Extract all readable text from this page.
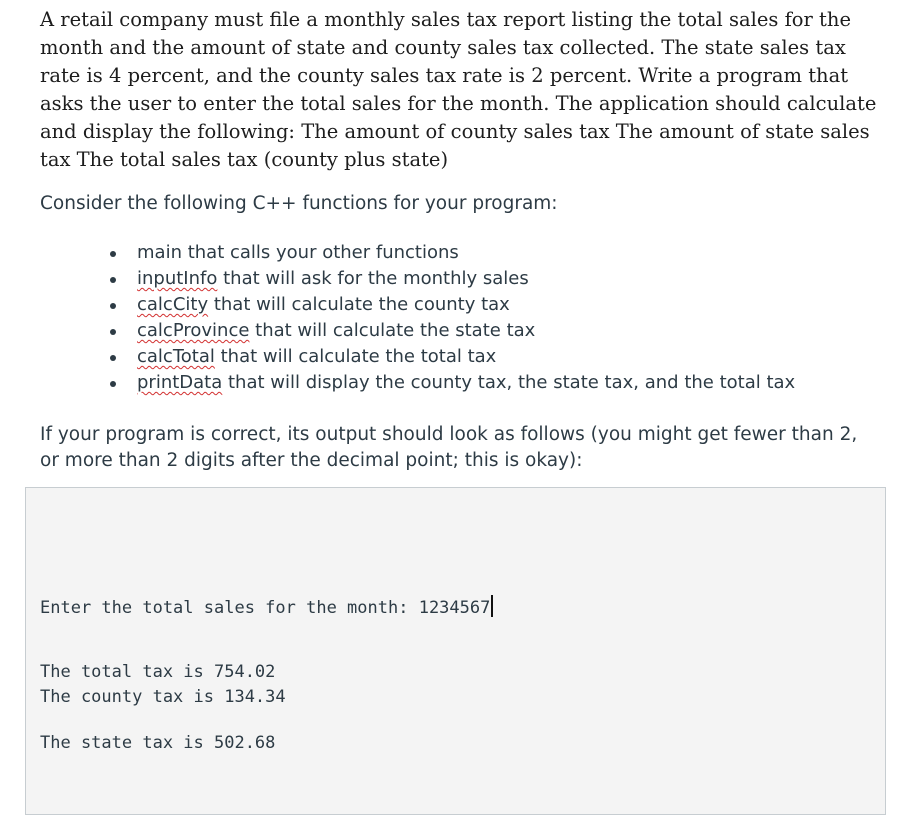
A retail company must file a monthly sales tax report listing the total sales for the month and the amount of state and county sales tax collected. The state sales tax rate is 4 percent, and the county sales tax rate is 2 percent. Write a program that asks the user to enter the total sales for the month. The application should calculate and display the following: The amount of county sales tax The amount of state sales tax The total sales tax (county plus state)

Consider the following C++ functions for your program:

main that calls your other functions
inputInfo that will ask for the monthly sales
calcCity that will calculate the county tax
calcProvince that will calculate the state tax
calcTotal that will calculate the total tax
printData that will display the county tax, the state tax, and the total tax

If your program is correct, its output should look as follows (you might get fewer than 2, or more than 2 digits after the decimal point; this is okay):

Enter the total sales for the month: 1234567
The total tax is 754.02
The county tax is 134.34
The state tax is 502.68
